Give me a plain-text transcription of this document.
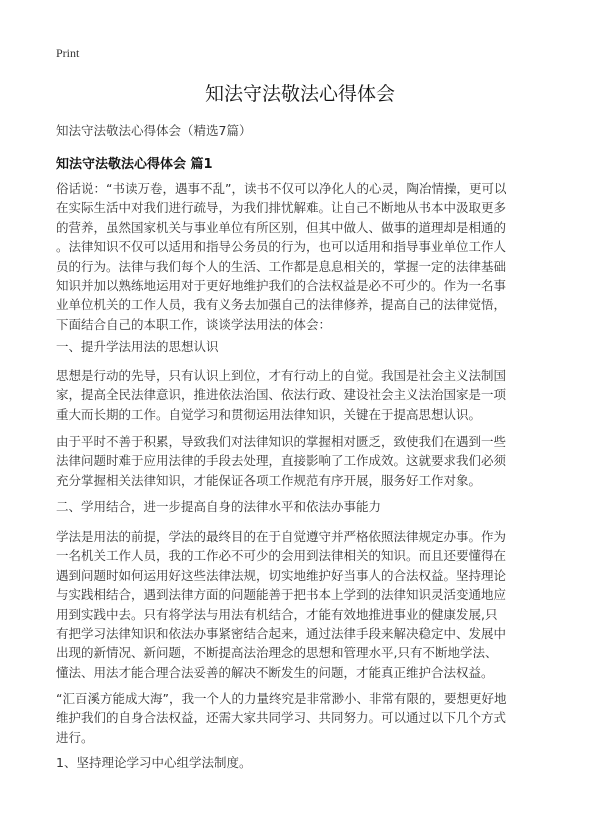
Print
知法守法敬法心得体会
知法守法敬法心得体会（精选7篇）
知法守法敬法心得体会 篇1

俗话说：“书读万卷，遇事不乱”，读书不仅可以净化人的心灵，陶冶情操，更可以
在实际生活中对我们进行疏导，为我们排忧解难。让自己不断地从书本中汲取更多
的营养，虽然国家机关与事业单位有所区别，但其中做人、做事的道理却是相通的
。法律知识不仅可以适用和指导公务员的行为，也可以适用和指导事业单位工作人
员的行为。法律与我们每个人的生活、工作都是息息相关的，掌握一定的法律基础
知识并加以熟练地运用对于更好地维护我们的合法权益是必不可少的。作为一名事
业单位机关的工作人员，我有义务去加强自己的法律修养，提高自己的法律觉悟，
下面结合自己的本职工作，谈谈学法用法的体会：

一、提升学法用法的思想认识

思想是行动的先导，只有认识上到位，才有行动上的自觉。我国是社会主义法制国
家，提高全民法律意识，推进依法治国、依法行政、建设社会主义法治国家是一项
重大而长期的工作。自觉学习和贯彻运用法律知识，关键在于提高思想认识。

由于平时不善于积累，导致我们对法律知识的掌握相对匮乏，致使我们在遇到一些
法律问题时难于应用法律的手段去处理，直接影响了工作成效。这就要求我们必须
充分掌握相关法律知识，才能保证各项工作规范有序开展，服务好工作对象。

二、学用结合，进一步提高自身的法律水平和依法办事能力

学法是用法的前提，学法的最终目的在于自觉遵守并严格依照法律规定办事。作为
一名机关工作人员，我的工作必不可少的会用到法律相关的知识。而且还要懂得在
遇到问题时如何运用好这些法律法规，切实地维护好当事人的合法权益。坚持理论
与实践相结合，遇到法律方面的问题能善于把书本上学到的法律知识灵活变通地应
用到实践中去。只有将学法与用法有机结合，才能有效地推进事业的健康发展,只
有把学习法律知识和依法办事紧密结合起来，通过法律手段来解决稳定中、发展中
出现的新情况、新问题，不断提高法治理念的思想和管理水平,只有不断地学法、
懂法、用法才能合理合法妥善的解决不断发生的问题，才能真正维护合法权益。

“汇百溪方能成大海”，我一个人的力量终究是非常渺小、非常有限的，要想更好地
维护我们的自身合法权益，还需大家共同学习、共同努力。可以通过以下几个方式
进行。

1、坚持理论学习中心组学法制度。
